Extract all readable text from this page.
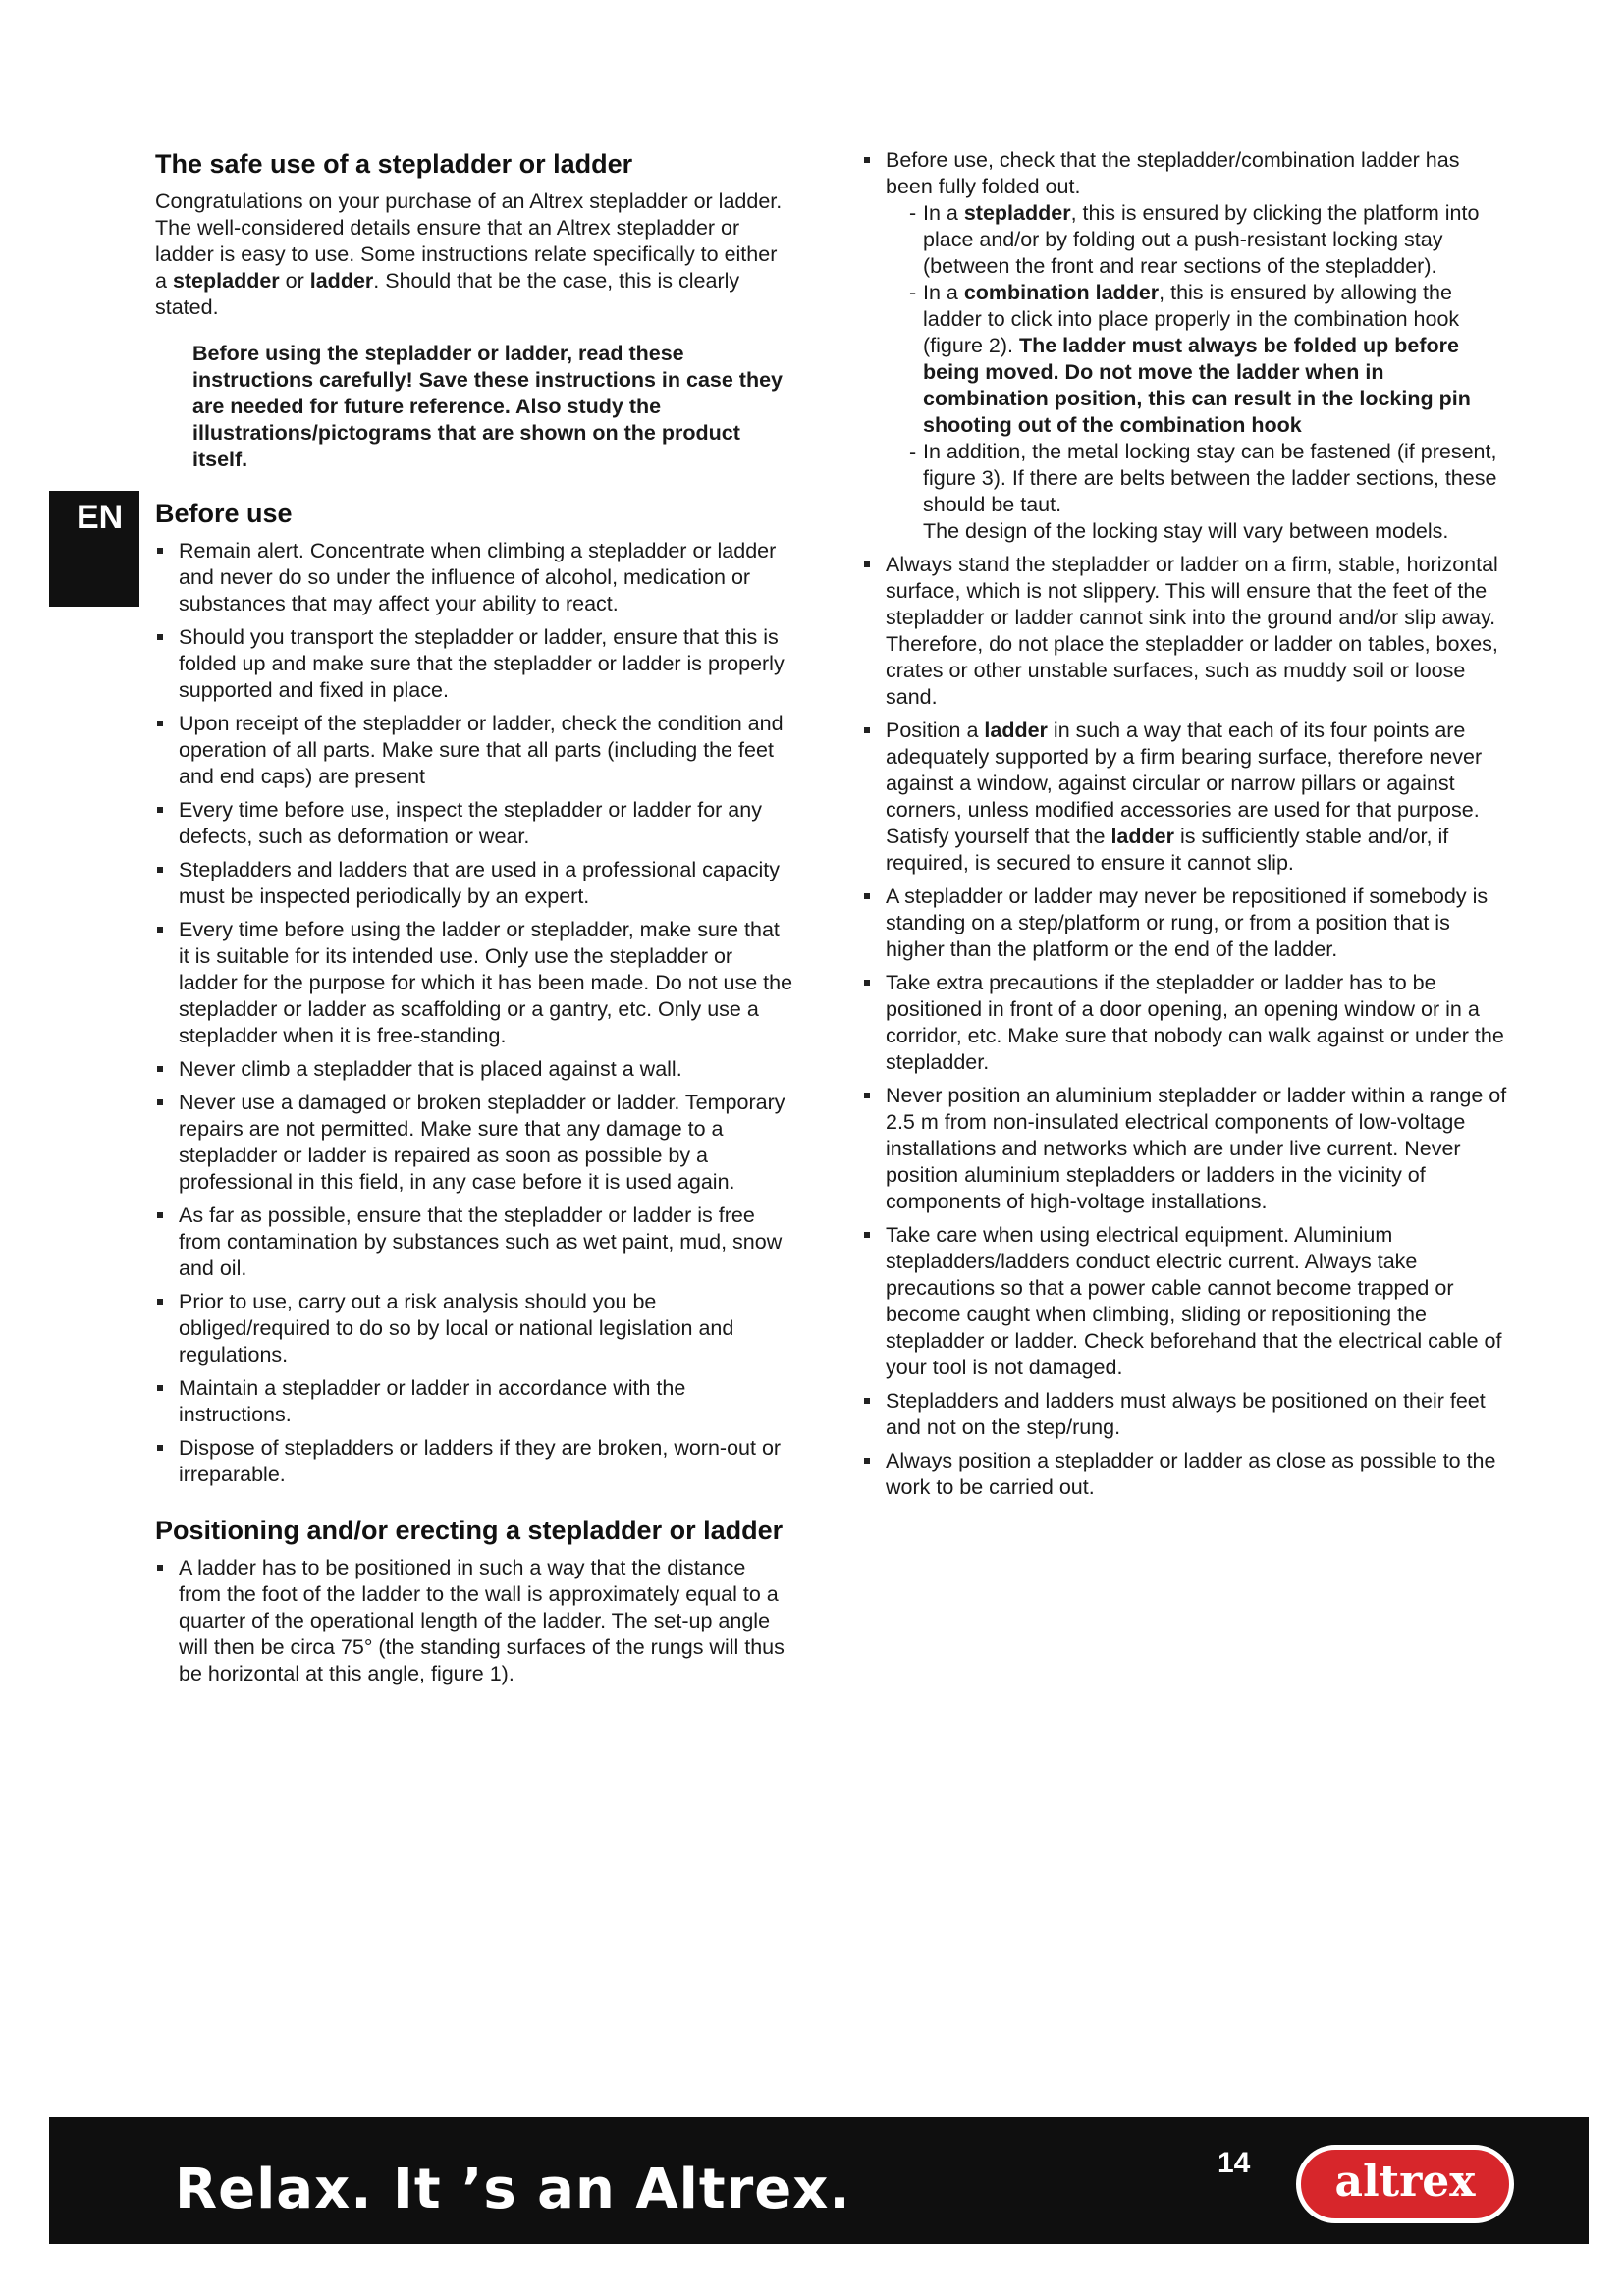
EN
The safe use of a stepladder or ladder

Congratulations on your purchase of an Altrex stepladder or ladder. The well-considered details ensure that an Altrex stepladder or ladder is easy to use. Some instructions relate specifically to either a stepladder or ladder. Should that be the case, this is clearly stated.

Before using the stepladder or ladder, read these instructions carefully! Save these instructions in case they are needed for future reference. Also study the illustrations/pictograms that are shown on the product itself.

Before use
Remain alert. Concentrate when climbing a stepladder or ladder and never do so under the influence of alcohol, medication or substances that may affect your ability to react.
Should you transport the stepladder or ladder, ensure that this is folded up and make sure that the stepladder or ladder is properly supported and fixed in place.
Upon receipt of the stepladder or ladder, check the condition and operation of all parts. Make sure that all parts (including the feet and end caps) are present
Every time before use, inspect the stepladder or ladder for any defects, such as deformation or wear.
Stepladders and ladders that are used in a professional capacity must be inspected periodically by an expert.
Every time before using the ladder or stepladder, make sure that it is suitable for its intended use. Only use the stepladder or ladder for the purpose for which it has been made. Do not use the stepladder or ladder as scaffolding or a gantry, etc. Only use a stepladder when it is free-standing.
Never climb a stepladder that is placed against a wall.
Never use a damaged or broken stepladder or ladder. Temporary repairs are not permitted. Make sure that any damage to a stepladder or ladder is repaired as soon as possible by a professional in this field, in any case before it is used again.
As far as possible, ensure that the stepladder or ladder is free from contamination by substances such as wet paint, mud, snow and oil.
Prior to use, carry out a risk analysis should you be obliged/required to do so by local or national legislation and regulations.
Maintain a stepladder or ladder in accordance with the instructions.
Dispose of stepladders or ladders if they are broken, worn-out or irreparable.
Positioning and/or erecting a stepladder or ladder
A ladder has to be positioned in such a way that the distance from the foot of the ladder to the wall is approximately equal to a quarter of the operational length of the ladder. The set-up angle will then be circa 75° (the standing surfaces of the rungs will thus be horizontal at this angle, figure 1).
Before use, check that the stepladder/combination ladder has been fully folded out.
- In a stepladder, this is ensured by clicking the platform into place and/or by folding out a push-resistant locking stay (between the front and rear sections of the stepladder).
- In a combination ladder, this is ensured by allowing the ladder to click into place properly in the combination hook (figure 2). The ladder must always be folded up before being moved. Do not move the ladder when in combination position, this can result in the locking pin shooting out of the combination hook
- In addition, the metal locking stay can be fastened (if present, figure 3). If there are belts between the ladder sections, these should be taut.
The design of the locking stay will vary between models.
Always stand the stepladder or ladder on a firm, stable, horizontal surface, which is not slippery. This will ensure that the feet of the stepladder or ladder cannot sink into the ground and/or slip away. Therefore, do not place the stepladder or ladder on tables, boxes, crates or other unstable surfaces, such as muddy soil or loose sand.
Position a ladder in such a way that each of its four points are adequately supported by a firm bearing surface, therefore never against a window, against circular or narrow pillars or against corners, unless modified accessories are used for that purpose. Satisfy yourself that the ladder is sufficiently stable and/or, if required, is secured to ensure it cannot slip.
A stepladder or ladder may never be repositioned if somebody is standing on a step/platform or rung, or from a position that is higher than the platform or the end of the ladder.
Take extra precautions if the stepladder or ladder has to be positioned in front of a door opening, an opening window or in a corridor, etc. Make sure that nobody can walk against or under the stepladder.
Never position an aluminium stepladder or ladder within a range of 2.5 m from non-insulated electrical components of low-voltage installations and networks which are under live current. Never position aluminium stepladders or ladders in the vicinity of components of high-voltage installations.
Take care when using electrical equipment. Aluminium stepladders/ladders conduct electric current. Always take precautions so that a power cable cannot become trapped or become caught when climbing, sliding or repositioning the stepladder or ladder. Check beforehand that the electrical cable of your tool is not damaged.
Stepladders and ladders must always be positioned on their feet and not on the step/rung.
Always position a stepladder or ladder as close as possible to the work to be carried out.
Relax. It ’s an Altrex.	14	altrex
